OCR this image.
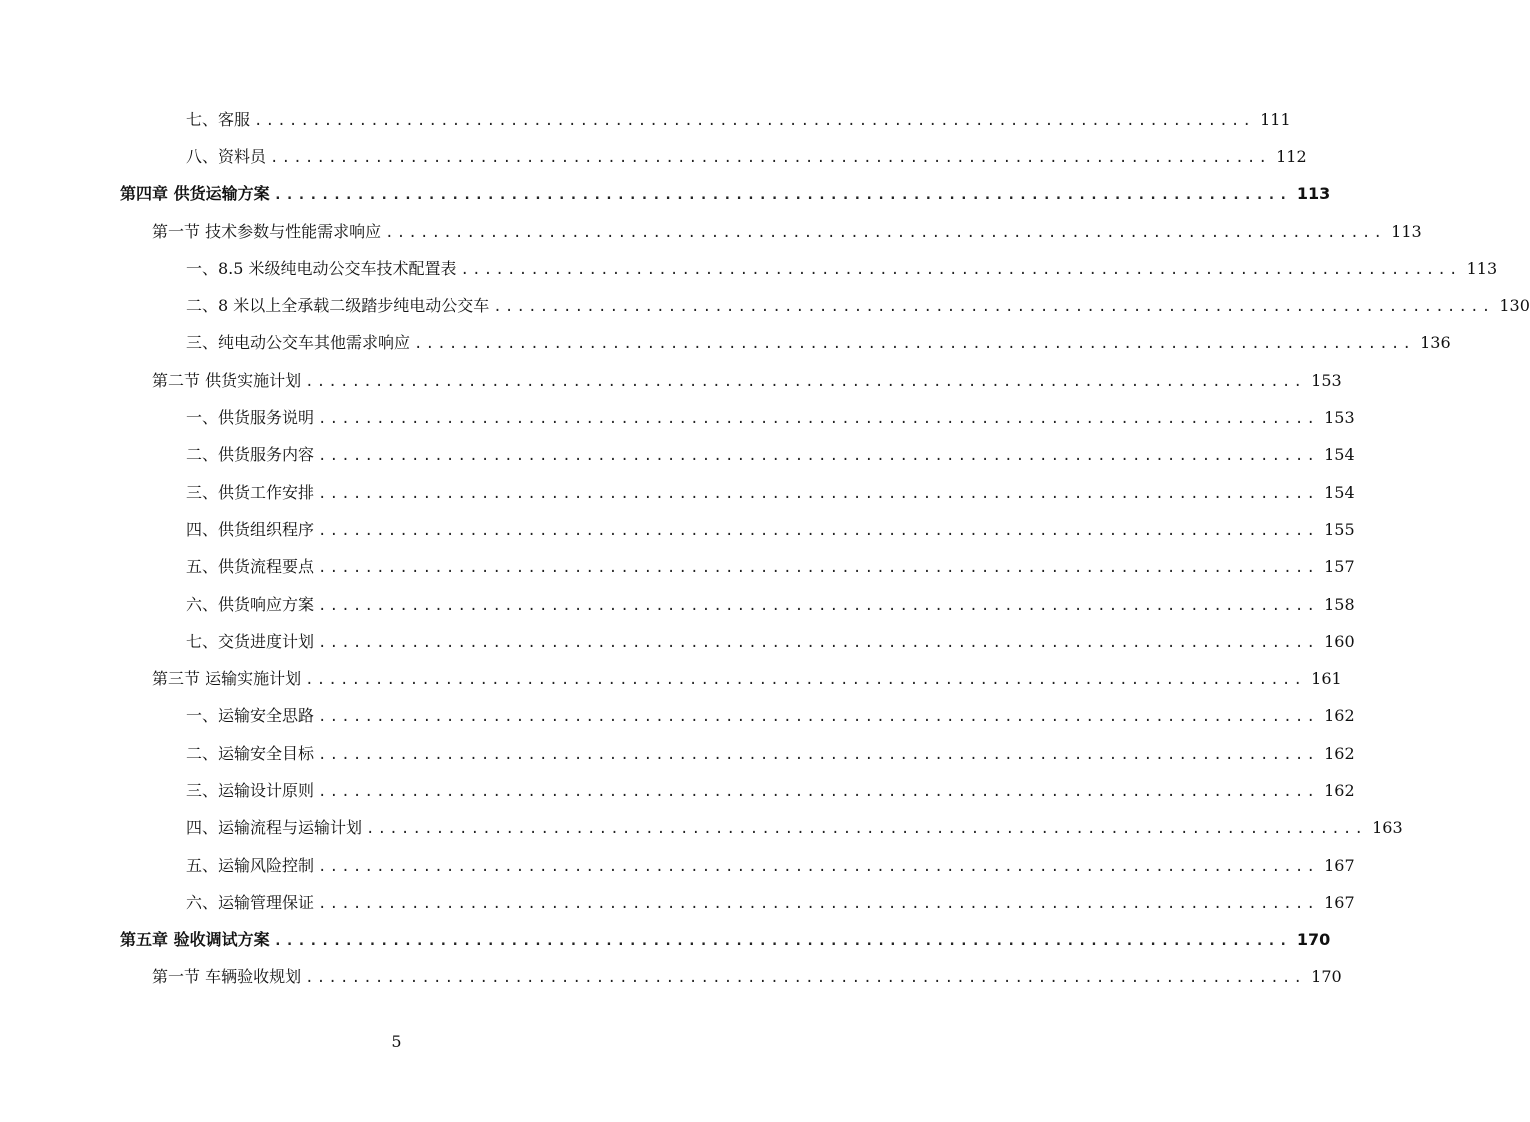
七、客服 ...................................................................................... 111
八、资料员 ...................................................................................... 112
第四章 供货运输方案 ...................................................................................... 113
第一节 技术参数与性能需求响应 ...................................................................................... 113
一、8.5 米级纯电动公交车技术配置表 ...................................................................................... 113
二、8 米以上全承载二级踏步纯电动公交车 ...................................................................................... 130
三、纯电动公交车其他需求响应 ...................................................................................... 136
第二节 供货实施计划 ...................................................................................... 153
一、供货服务说明 ...................................................................................... 153
二、供货服务内容 ...................................................................................... 154
三、供货工作安排 ...................................................................................... 154
四、供货组织程序 ...................................................................................... 155
五、供货流程要点 ...................................................................................... 157
六、供货响应方案 ...................................................................................... 158
七、交货进度计划 ...................................................................................... 160
第三节 运输实施计划 ...................................................................................... 161
一、运输安全思路 ...................................................................................... 162
二、运输安全目标 ...................................................................................... 162
三、运输设计原则 ...................................................................................... 162
四、运输流程与运输计划 ...................................................................................... 163
五、运输风险控制 ...................................................................................... 167
六、运输管理保证 ...................................................................................... 167
第五章 验收调试方案 ...................................................................................... 170
第一节 车辆验收规划 ...................................................................................... 170
5
